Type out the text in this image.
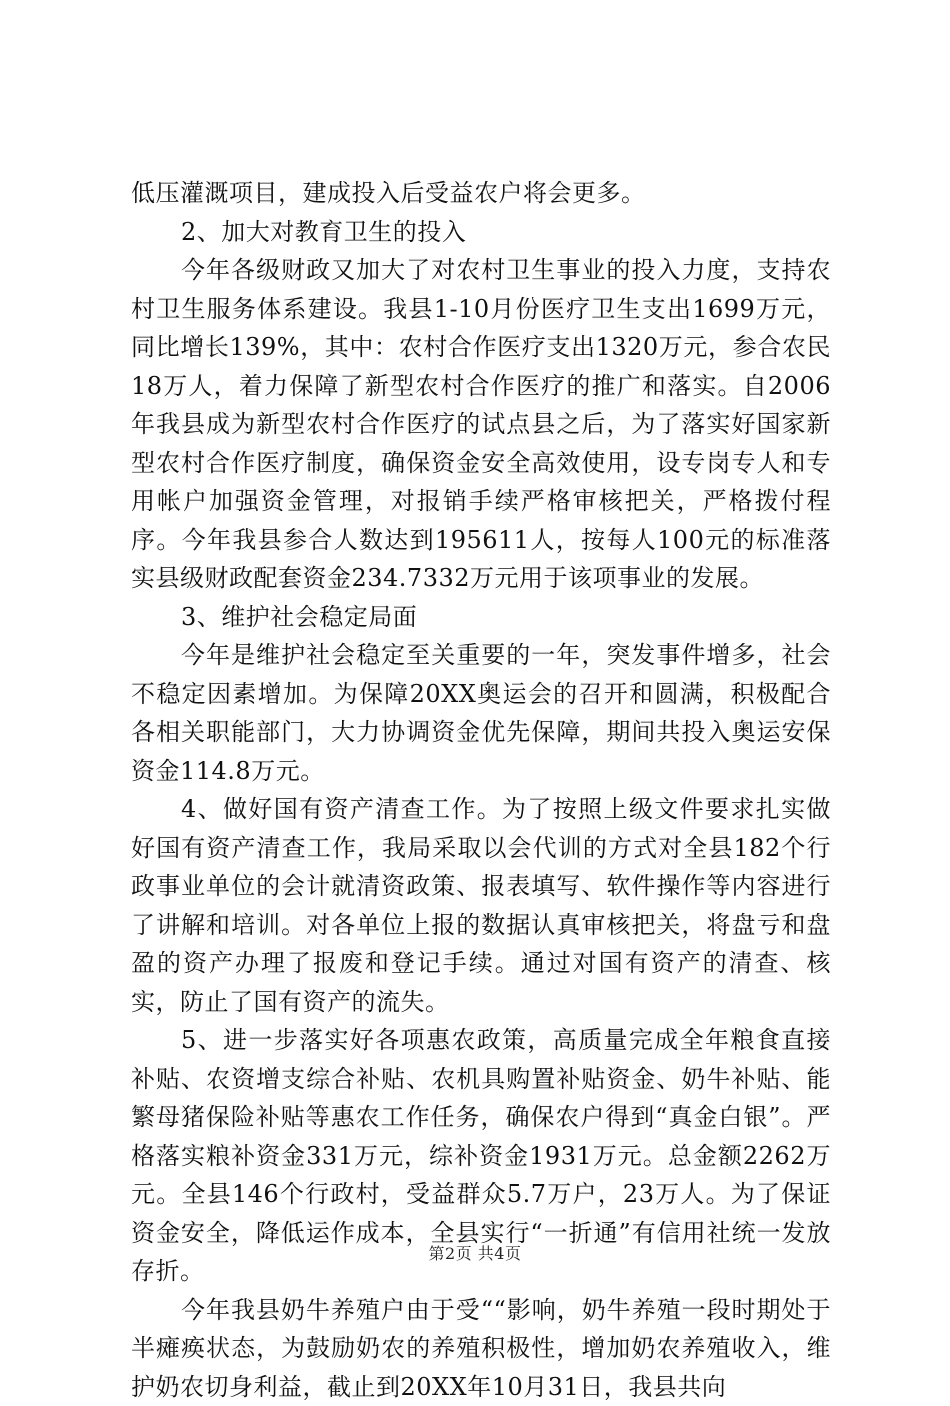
低压灌溉项目，建成投入后受益农户将会更多。

2、加大对教育卫生的投入

今年各级财政又加大了对农村卫生事业的投入力度，支持农村卫生服务体系建设。我县1-10月份医疗卫生支出1699万元，同比增长139%，其中：农村合作医疗支出1320万元，参合农民18万人，着力保障了新型农村合作医疗的推广和落实。自2006年我县成为新型农村合作医疗的试点县之后，为了落实好国家新型农村合作医疗制度，确保资金安全高效使用，设专岗专人和专用帐户加强资金管理，对报销手续严格审核把关，严格拨付程序。今年我县参合人数达到195611人，按每人100元的标准落实县级财政配套资金234.7332万元用于该项事业的发展。

3、维护社会稳定局面

今年是维护社会稳定至关重要的一年，突发事件增多，社会不稳定因素增加。为保障20XX奥运会的召开和圆满，积极配合各相关职能部门，大力协调资金优先保障，期间共投入奥运安保资金114.8万元。

4、做好国有资产清查工作。为了按照上级文件要求扎实做好国有资产清查工作，我局采取以会代训的方式对全县182个行政事业单位的会计就清资政策、报表填写、软件操作等内容进行了讲解和培训。对各单位上报的数据认真审核把关，将盘亏和盘盈的资产办理了报废和登记手续。通过对国有资产的清查、核实，防止了国有资产的流失。

5、进一步落实好各项惠农政策，高质量完成全年粮食直接补贴、农资增支综合补贴、农机具购置补贴资金、奶牛补贴、能繁母猪保险补贴等惠农工作任务，确保农户得到“真金白银”。严格落实粮补资金331万元，综补资金1931万元。总金额2262万元。全县146个行政村，受益群众5.7万户，23万人。为了保证资金安全，降低运作成本，全县实行“一折通”有信用社统一发放存折。

今年我县奶牛养殖户由于受““影响，奶牛养殖一段时期处于半瘫痪状态，为鼓励奶农的养殖积极性，增加奶农养殖收入，维护奶农切身利益，截止到20XX年10月31日，我县共向

第2页 共4页
